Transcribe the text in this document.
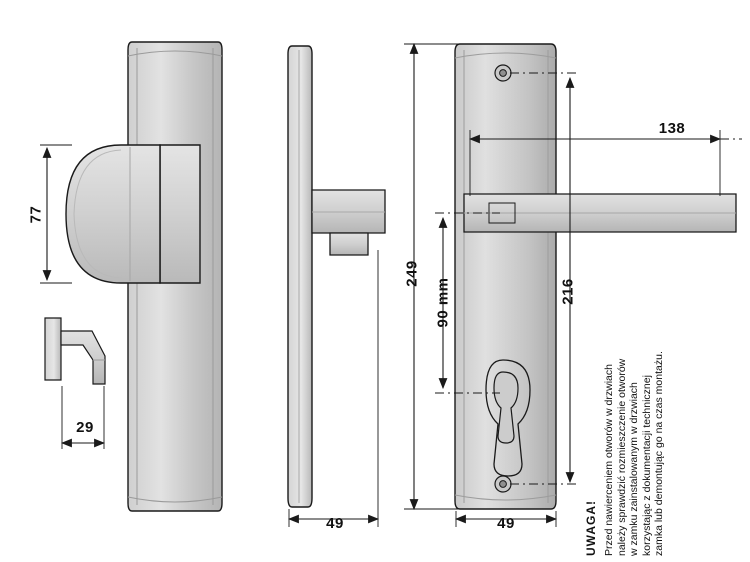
77
29
249
49	49
138
216
90 mm
UWAGA! Przed nawierceniem otworów w drzwiach należy sprawdzić rozmieszczenie otworów w zamku zainstalowanym w drzwiach korzystając z dokumentacji technicznej zamka lub demontując go na czas montażu.
